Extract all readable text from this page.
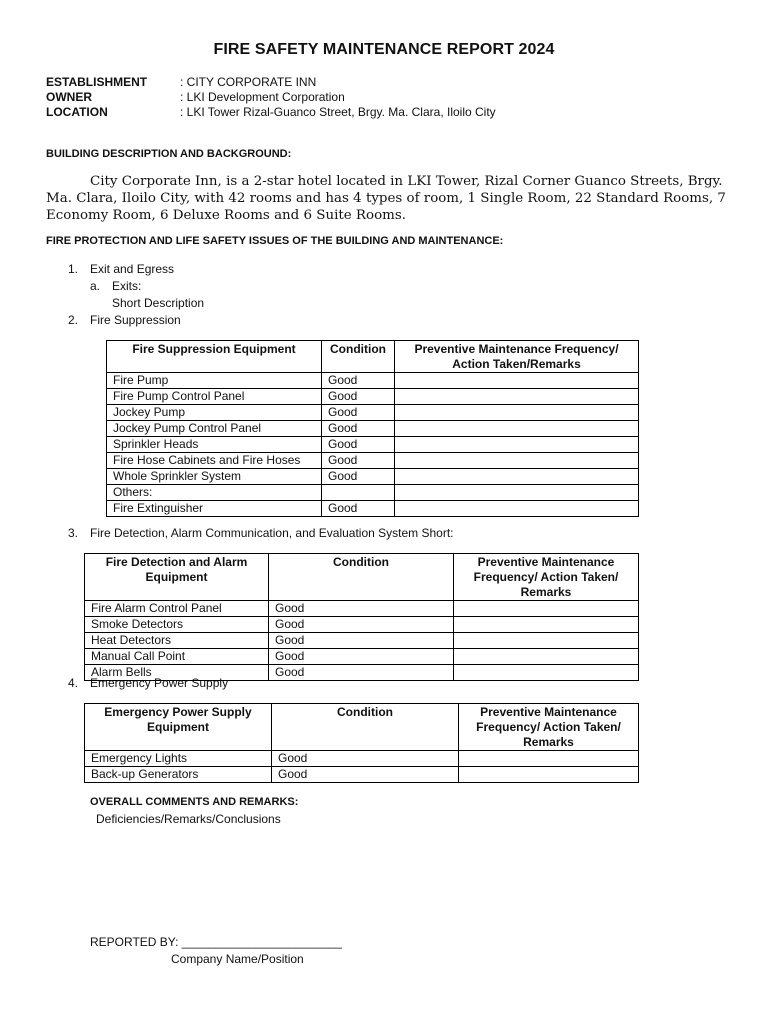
FIRE SAFETY MAINTENANCE REPORT 2024
ESTABLISHMENT	: CITY CORPORATE INN
OWNER	: LKI Development Corporation
LOCATION	: LKI Tower Rizal-Guanco Street, Brgy. Ma. Clara, Iloilo City
BUILDING DESCRIPTION AND BACKGROUND:
City Corporate Inn, is a 2-star hotel located in LKI Tower, Rizal Corner Guanco Streets, Brgy. Ma. Clara, Iloilo City, with 42 rooms and has 4 types of room, 1 Single Room, 22 Standard Rooms, 7 Economy Room, 6 Deluxe Rooms and 6 Suite Rooms.
FIRE PROTECTION AND LIFE SAFETY ISSUES OF THE BUILDING AND MAINTENANCE:
1. Exit and Egress
a. Exits:
Short Description
2. Fire Suppression
Fire Suppression Equipment	Condition	Preventive Maintenance Frequency/ Action Taken/Remarks
Fire Pump	Good	
Fire Pump Control Panel	Good	
Jockey Pump	Good	
Jockey Pump Control Panel	Good	
Sprinkler Heads	Good	
Fire Hose Cabinets and Fire Hoses	Good	
Whole Sprinkler System	Good	
Others:		
Fire Extinguisher	Good	
3. Fire Detection, Alarm Communication, and Evaluation System Short:
Fire Detection and Alarm Equipment	Condition	Preventive Maintenance Frequency/ Action Taken/ Remarks
Fire Alarm Control Panel	Good	
Smoke Detectors	Good	
Heat Detectors	Good	
Manual Call Point	Good	
Alarm Bells	Good	
4. Emergency Power Supply
Emergency Power Supply Equipment	Condition	Preventive Maintenance Frequency/ Action Taken/ Remarks
Emergency Lights	Good	
Back-up Generators	Good	
OVERALL COMMENTS AND REMARKS:
Deficiencies/Remarks/Conclusions
REPORTED BY: ________________________
Company Name/Position
